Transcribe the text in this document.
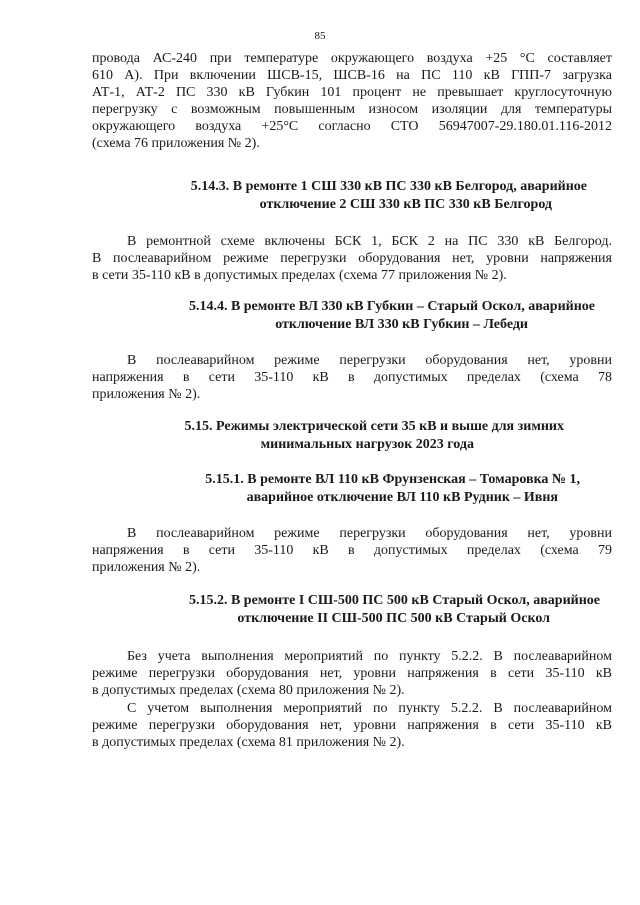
85
провода АС-240 при температуре окружающего воздуха +25 °С составляет
610 А). При включении ШСВ-15, ШСВ-16 на ПС 110 кВ ГПП-7 загрузка
АТ-1, АТ-2 ПС 330 кВ Губкин 101 процент не превышает круглосуточную
перегрузку с возможным повышенным износом изоляции для температуры
окружающего воздуха +25°С согласно СТО 56947007-29.180.01.116-2012
(схема 76 приложения № 2).
5.14.3. В ремонте 1 СШ 330 кВ ПС 330 кВ Белгород, аварийное
отключение 2 СШ 330 кВ ПС 330 кВ Белгород
В ремонтной схеме включены БСК 1, БСК 2 на ПС 330 кВ Белгород.
В послеаварийном режиме перегрузки оборудования нет, уровни напряжения
в сети 35-110 кВ в допустимых пределах (схема 77 приложения № 2).
5.14.4. В ремонте ВЛ 330 кВ Губкин – Старый Оскол, аварийное
отключение ВЛ 330 кВ Губкин – Лебеди
В послеаварийном режиме перегрузки оборудования нет, уровни
напряжения в сети 35-110 кВ в допустимых пределах (схема 78
приложения № 2).
5.15. Режимы электрической сети 35 кВ и выше для зимних
минимальных нагрузок 2023 года
5.15.1. В ремонте ВЛ 110 кВ Фрунзенская – Томаровка № 1,
аварийное отключение ВЛ 110 кВ Рудник – Ивня
В послеаварийном режиме перегрузки оборудования нет, уровни
напряжения в сети 35-110 кВ в допустимых пределах (схема 79
приложения № 2).
5.15.2. В ремонте I СШ-500 ПС 500 кВ Старый Оскол, аварийное
отключение II СШ-500 ПС 500 кВ Старый Оскол
Без учета выполнения мероприятий по пункту 5.2.2. В послеаварийном
режиме перегрузки оборудования нет, уровни напряжения в сети 35-110 кВ
в допустимых пределах (схема 80 приложения № 2).
С учетом выполнения мероприятий по пункту 5.2.2. В послеаварийном
режиме перегрузки оборудования нет, уровни напряжения в сети 35-110 кВ
в допустимых пределах (схема 81 приложения № 2).
